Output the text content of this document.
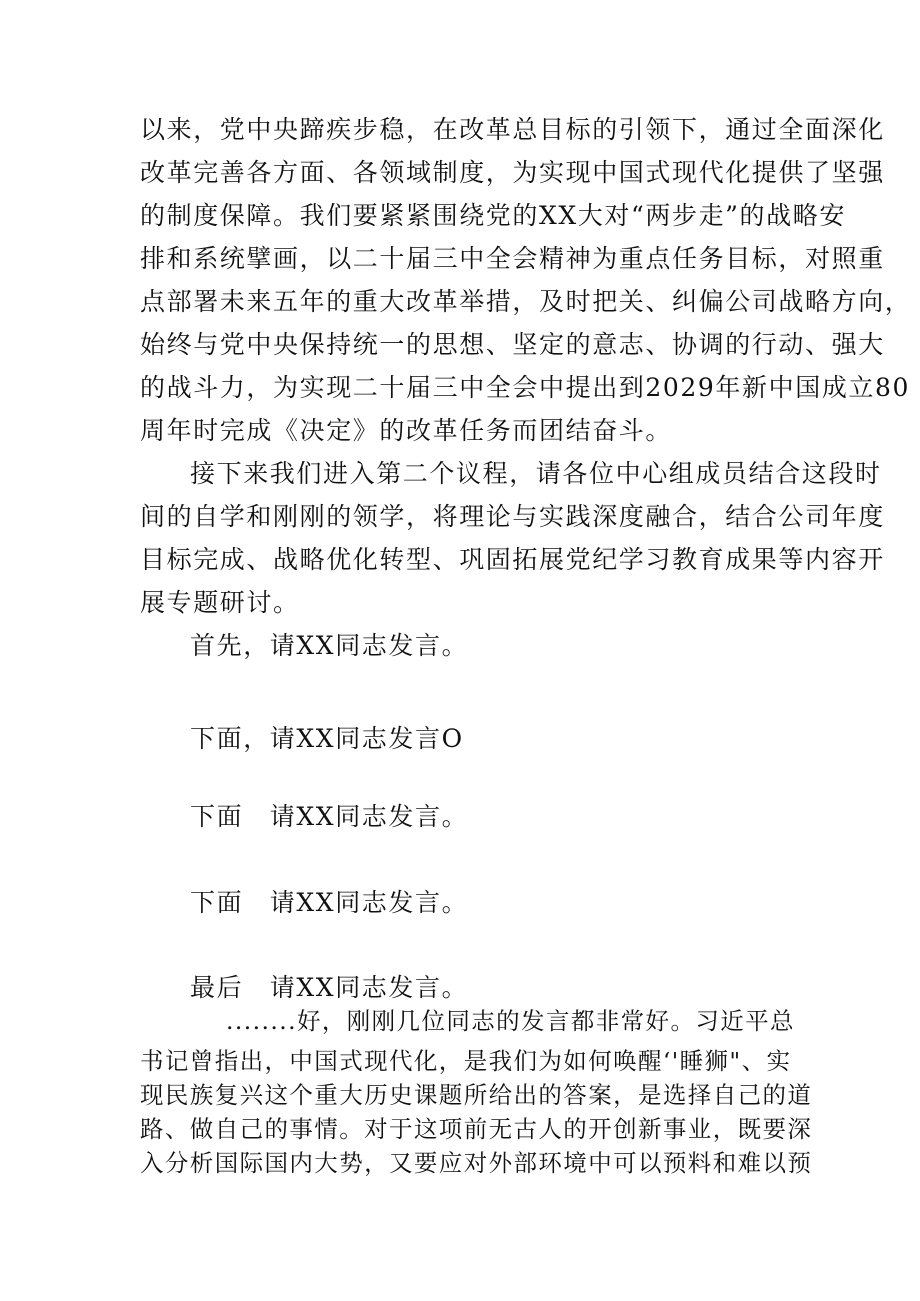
以来，党中央蹄疾步稳，在改革总目标的引领下，通过全面深化
改革完善各方面、各领域制度，为实现中国式现代化提供了坚强
的制度保障。我们要紧紧围绕党的XX大对“两步走”的战略安
排和系统擘画，以二十届三中全会精神为重点任务目标，对照重
点部署未来五年的重大改革举措，及时把关、纠偏公司战略方向，
始终与党中央保持统一的思想、坚定的意志、协调的行动、强大
的战斗力，为实现二十届三中全会中提出到2029年新中国成立80
周年时完成《决定》的改革任务而团结奋斗。
接下来我们进入第二个议程，请各位中心组成员结合这段时
间的自学和刚刚的领学，将理论与实践深度融合，结合公司年度
目标完成、战略优化转型、巩固拓展党纪学习教育成果等内容开
展专题研讨。
首先，请XX同志发言。
下面，请XX同志发言O
下面　请XX同志发言。
下面　请XX同志发言。
最后　请XX同志发言。
........好，刚刚几位同志的发言都非常好。习近平总
书记曾指出，中国式现代化，是我们为如何唤醒‘'睡狮"、实
现民族复兴这个重大历史课题所给出的答案，是选择自己的道
路、做自己的事情。对于这项前无古人的开创新事业，既要深
入分析国际国内大势，又要应对外部环境中可以预料和难以预
